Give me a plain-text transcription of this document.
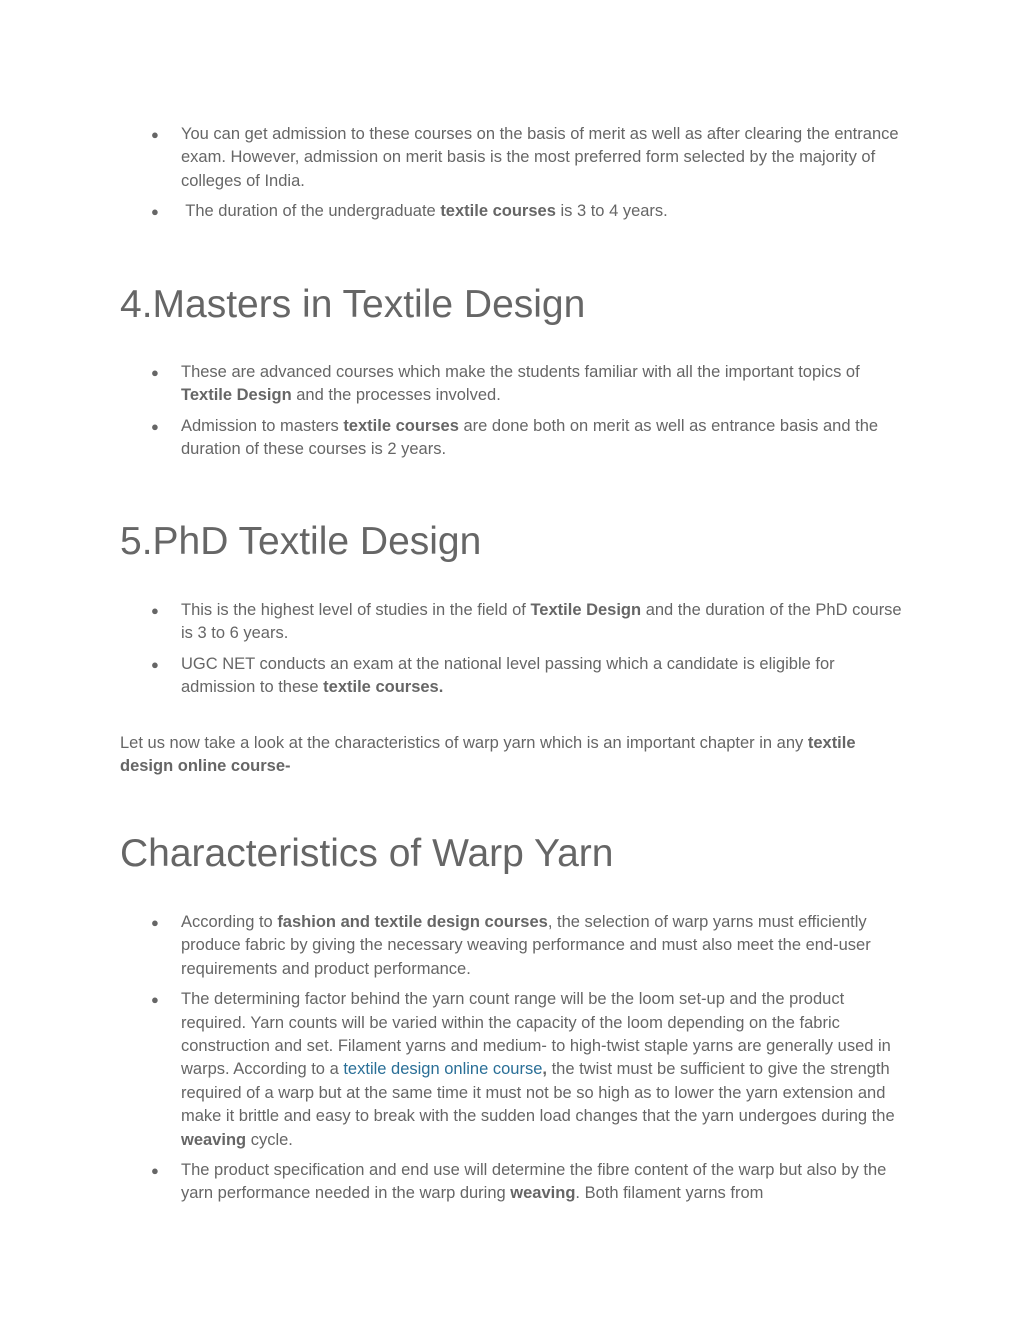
● You can get admission to these courses on the basis of merit as well as after clearing the entrance exam. However, admission on merit basis is the most preferred form selected by the majority of colleges of India.
●  The duration of the undergraduate textile courses is 3 to 4 years.
4.Masters in Textile Design
● These are advanced courses which make the students familiar with all the important topics of Textile Design and the processes involved.
● Admission to masters textile courses are done both on merit as well as entrance basis and the duration of these courses is 2 years.
5.PhD Textile Design
● This is the highest level of studies in the field of Textile Design and the duration of the PhD course is 3 to 6 years.
● UGC NET conducts an exam at the national level passing which a candidate is eligible for admission to these textile courses.

Let us now take a look at the characteristics of warp yarn which is an important chapter in any textile design online course-

Characteristics of Warp Yarn
● According to fashion and textile design courses, the selection of warp yarns must efficiently produce fabric by giving the necessary weaving performance and must also meet the end-user requirements and product performance.
● The determining factor behind the yarn count range will be the loom set-up and the product required. Yarn counts will be varied within the capacity of the loom depending on the fabric construction and set. Filament yarns and medium- to high-twist staple yarns are generally used in warps. According to a textile design online course, the twist must be sufficient to give the strength required of a warp but at the same time it must not be so high as to lower the yarn extension and make it brittle and easy to break with the sudden load changes that the yarn undergoes during the weaving cycle.
● The product specification and end use will determine the fibre content of the warp but also by the yarn performance needed in the warp during weaving. Both filament yarns from
